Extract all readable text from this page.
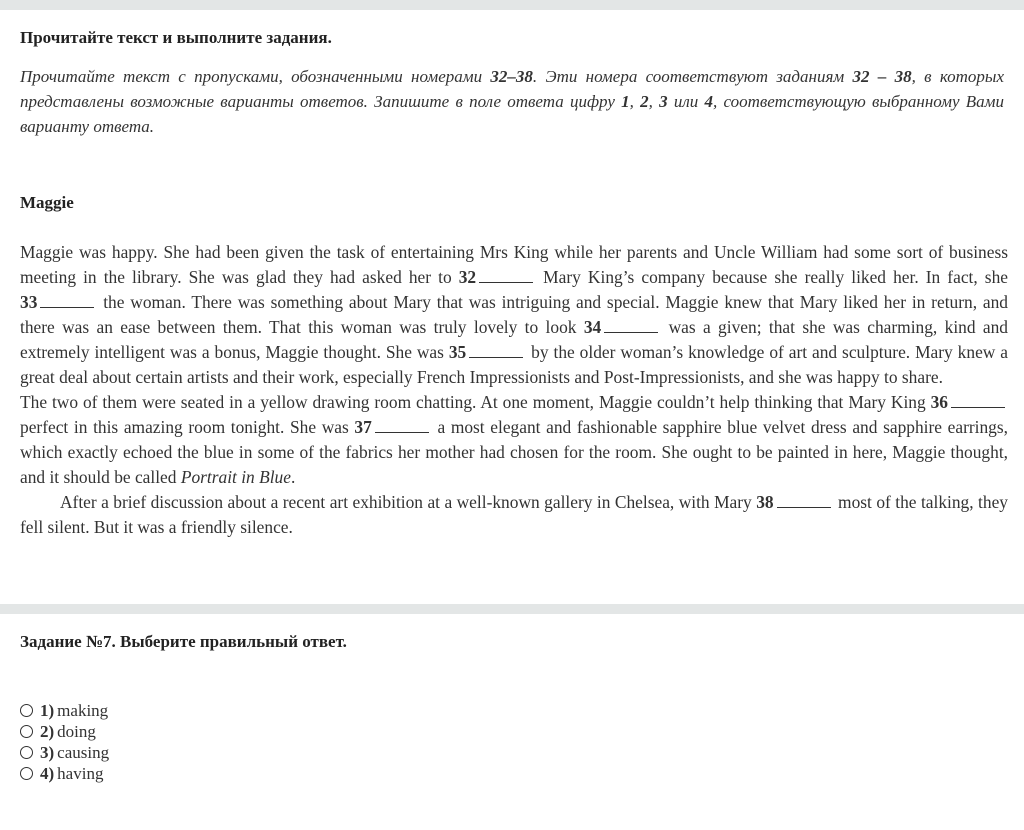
Прочитайте текст и выполните задания.
Прочитайте текст с пропусками, обозначенными номерами 32–38. Эти номера соответствуют заданиям 32 – 38, в которых представлены возможные варианты ответов. Запишите в поле ответа цифру 1, 2, 3 или 4, соответствующую выбранному Вами варианту ответа.
Maggie

Maggie was happy. She had been given the task of entertaining Mrs King while her parents and Uncle William had some sort of business meeting in the library. She was glad they had asked her to 32	Mary King’s company because she really liked her. In fact, she 33	the woman. There was something about Mary that was intriguing and special. Maggie knew that Mary liked her in return, and there was an ease between them. That this woman was truly lovely to look 34	was a given; that she was charming, kind and extremely intelligent was a bonus, Maggie thought. She was 35	by the older woman’s knowledge of art and sculpture. Mary knew a great deal about certain artists and their work, especially French Impressionists and Post-Impressionists, and she was happy to share.

The two of them were seated in a yellow drawing room chatting. At one moment, Maggie couldn’t help thinking that Mary King 36 perfect in this amazing room tonight. She was 37	a most elegant and fashionable sapphire blue velvet dress and sapphire earrings, which exactly echoed the blue in some of the fabrics her mother had chosen for the room. She ought to be painted in here, Maggie thought, and it should be called Portrait in Blue.

After a brief discussion about a recent art exhibition at a well-known gallery in Chelsea, with Mary 38	most of the talking, they fell silent. But it was a friendly silence.

Задание №7. Выберите правильный ответ.
1) making
2) doing
3) causing
4) having
